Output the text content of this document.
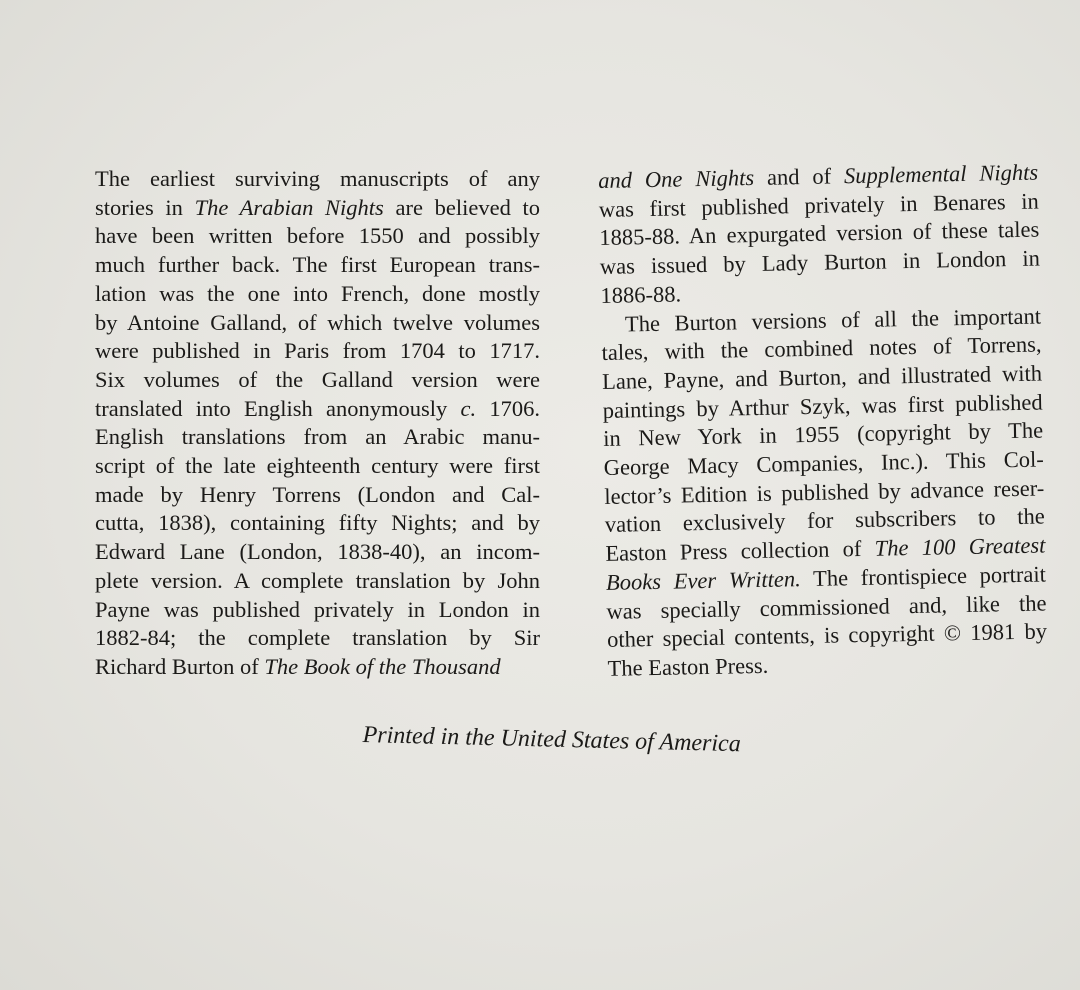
The earliest surviving manuscripts of any
stories in The Arabian Nights are believed to
have been written before 1550 and possibly
much further back. The first European trans-
lation was the one into French, done mostly
by Antoine Galland, of which twelve volumes
were published in Paris from 1704 to 1717.
Six volumes of the Galland version were
translated into English anonymously c. 1706.
English translations from an Arabic manu-
script of the late eighteenth century were first
made by Henry Torrens (London and Cal-
cutta, 1838), containing fifty Nights; and by
Edward Lane (London, 1838-40), an incom-
plete version. A complete translation by John
Payne was published privately in London in
1882-84; the complete translation by Sir
Richard Burton of The Book of the Thousand
and One Nights and of Supplemental Nights
was first published privately in Benares in
1885-88. An expurgated version of these tales
was issued by Lady Burton in London in
1886-88.
The Burton versions of all the important
tales, with the combined notes of Torrens,
Lane, Payne, and Burton, and illustrated with
paintings by Arthur Szyk, was first published
in New York in 1955 (copyright by The
George Macy Companies, Inc.). This Col-
lector’s Edition is published by advance reser-
vation exclusively for subscribers to the
Easton Press collection of The 100 Greatest
Books Ever Written. The frontispiece portrait
was specially commissioned and, like the
other special contents, is copyright © 1981 by
The Easton Press.
Printed in the United States of America
